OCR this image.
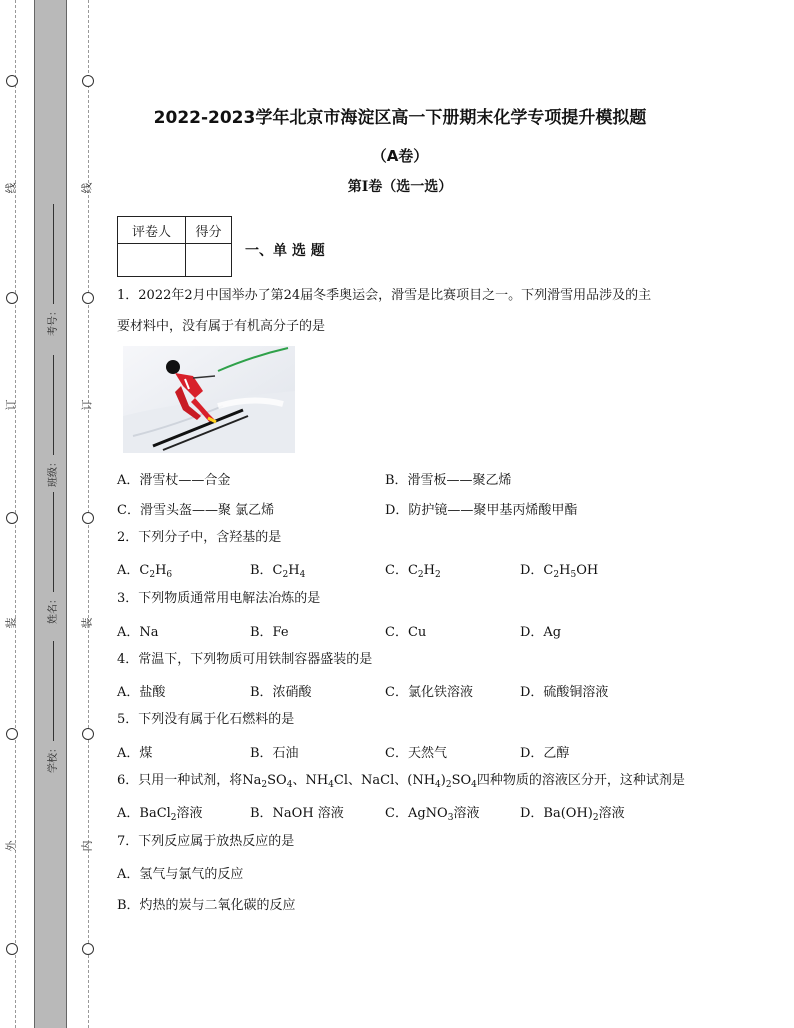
线
订
装
外
线
订
装
内
考号：
班级：
姓名：
学校：
2022-2023学年北京市海淀区高一下册期末化学专项提升模拟题
（A卷）
第Ⅰ卷（选一选）
评卷人	得分

一、单 选 题
1．2022年2月中国举办了第24届冬季奥运会，滑雪是比赛项目之一。下列滑雪用品涉及的主
要材料中，没有属于有机高分子的是
A．滑雪杖——合金	B．滑雪板——聚乙烯
C．滑雪头盔——聚 氯乙烯	D．防护镜——聚甲基丙烯酸甲酯
2．下列分子中，含羟基的是
A．$C_2H_6$	B．$C_2H_4$	C．$C_2H_2$	D．$C_2H_5OH$
3．下列物质通常用电解法冶炼的是
A．Na	B．Fe	C．Cu	D．Ag
4．常温下，下列物质可用铁制容器盛装的是
A．盐酸	B．浓硝酸	C．氯化铁溶液	D．硫酸铜溶液
5．下列没有属于化石燃料的是
A．煤	B．石油	C．天然气	D．乙醇
6．只用一种试剂，将$Na_2SO_4$、$NH_4Cl$、NaCl、$(NH_4)_2SO_4$四种物质的溶液区分开，这种试剂是
A．BaCl$_2$溶液	B．NaOH 溶液	C．AgNO$_3$溶液	D．$Ba(OH)_2$溶液
7．下列反应属于放热反应的是
A．氢气与氯气的反应
B．灼热的炭与二氧化碳的反应
